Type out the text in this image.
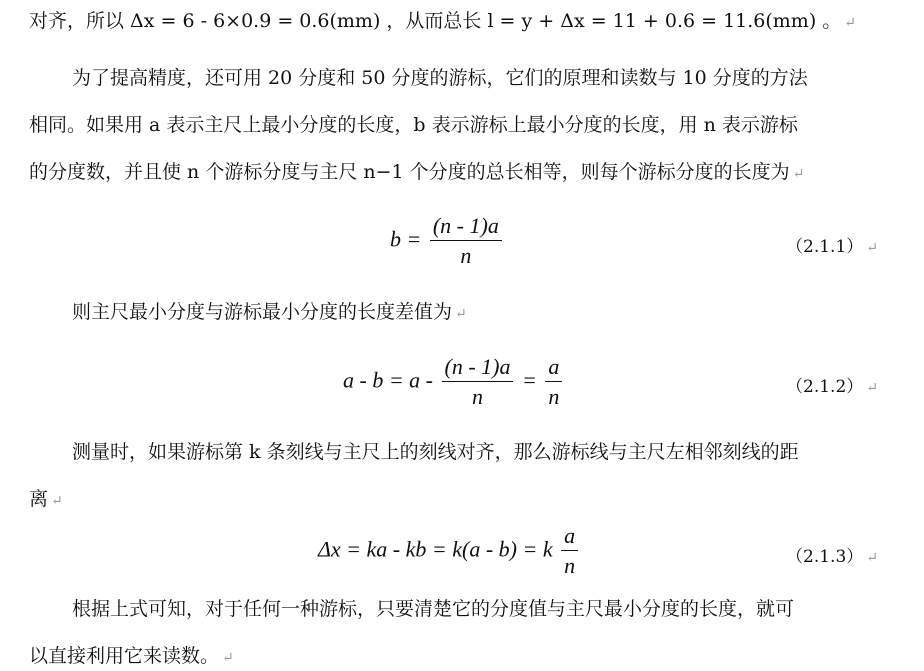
对齐，所以 Δx = 6 - 6×0.9 = 0.6(mm) ，从而总长 l = y + Δx = 11 + 0.6 = 11.6(mm) 。 ↵
为了提高精度，还可用 20 分度和 50 分度的游标，它们的原理和读数与 10 分度的方法
相同。如果用 a 表示主尺上最小分度的长度，b 表示游标上最小分度的长度，用 n 表示游标
的分度数，并且使 n 个游标分度与主尺 n−1 个分度的总长相等，则每个游标分度的长度为 ↵
$b = \frac{(n - 1)a}{n}$	（2.1.1） ↵
则主尺最小分度与游标最小分度的长度差值为 ↵
$a - b = a - \frac{(n - 1)a}{n} = \frac{a}{n}$	（2.1.2） ↵
测量时，如果游标第 k 条刻线与主尺上的刻线对齐，那么游标线与主尺左相邻刻线的距
离 ↵
Δx = ka - kb = k(a - b) = k $\frac{a}{n}$	（2.1.3） ↵
根据上式可知，对于任何一种游标，只要清楚它的分度值与主尺最小分度的长度，就可
以直接利用它来读数。 ↵
